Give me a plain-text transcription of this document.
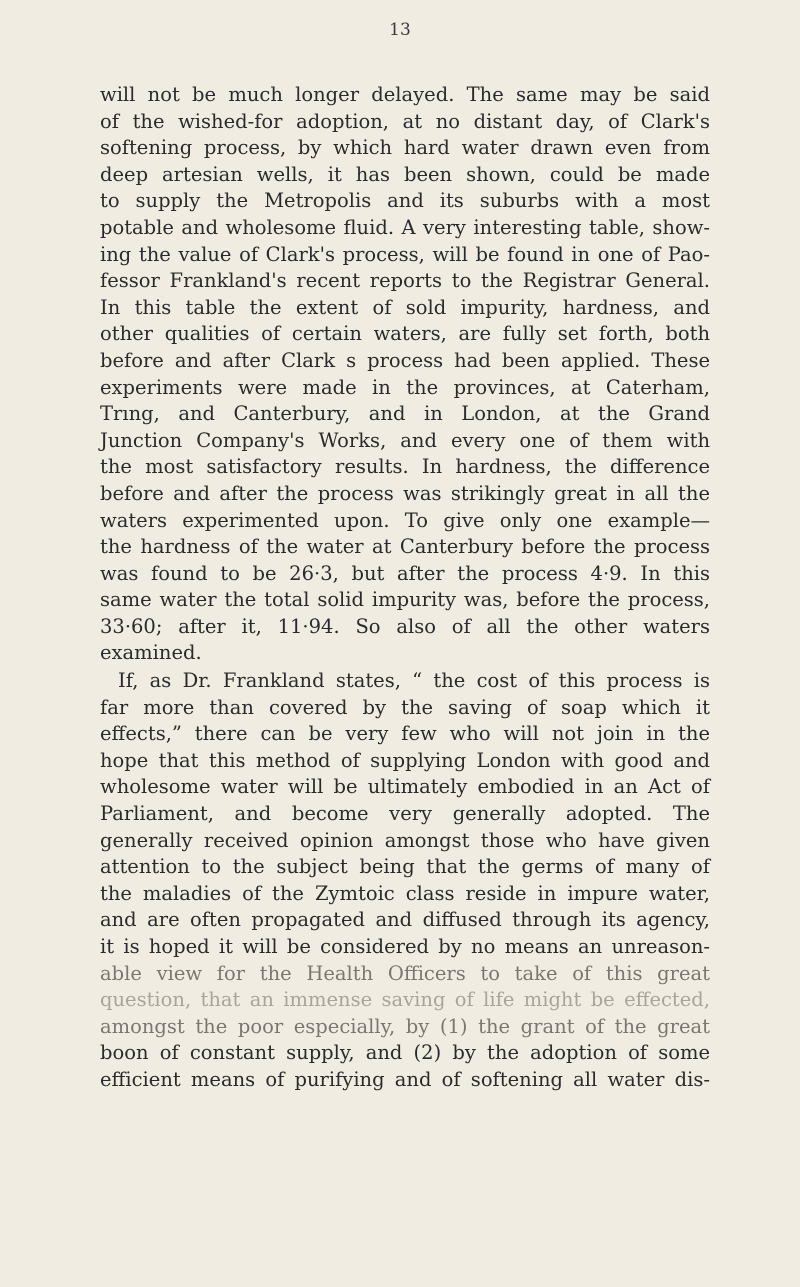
13
will not be much longer delayed. The same may be said
of the wished-for adoption, at no distant day, of Clark's
softening process, by which hard water drawn even from
deep artesian wells, it has been shown, could be made
to supply the Metropolis and its suburbs with a most
potable and wholesome fluid. A very interesting table, show-
ing the value of Clark's process, will be found in one of Pao-
fessor Frankland's recent reports to the Registrar General.
In this table the extent of sold impurity, hardness, and
other qualities of certain waters, are fully set forth, both
before and after Clark s process had been applied. These
experiments were made in the provinces, at Caterham,
Trıng, and Canterbury, and in London, at the Grand
Junction Company's Works, and every one of them with
the most satisfactory results. In hardness, the difference
before and after the process was strikingly great in all the
waters experimented upon. To give only one example—
the hardness of the water at Canterbury before the process
was found to be 26·3, but after the process 4·9. In this
same water the total solid impurity was, before the process,
33·60; after it, 11·94. So also of all the other waters
examined.
If, as Dr. Frankland states, “ the cost of this process is
far more than covered by the saving of soap which it
effects,” there can be very few who will not join in the
hope that this method of supplying London with good and
wholesome water will be ultimately embodied in an Act of
Parliament, and become very generally adopted. The
generally received opinion amongst those who have given
attention to the subject being that the germs of many of
the maladies of the Zymtoic class reside in impure water,
and are often propagated and diffused through its agency,
it is hoped it will be considered by no means an unreason-
able view for the Health Officers to take of this great
question, that an immense saving of life might be effected,
amongst the poor especially, by (1) the grant of the great
boon of constant supply, and (2) by the adoption of some
efficient means of purifying and of softening all water dis-
